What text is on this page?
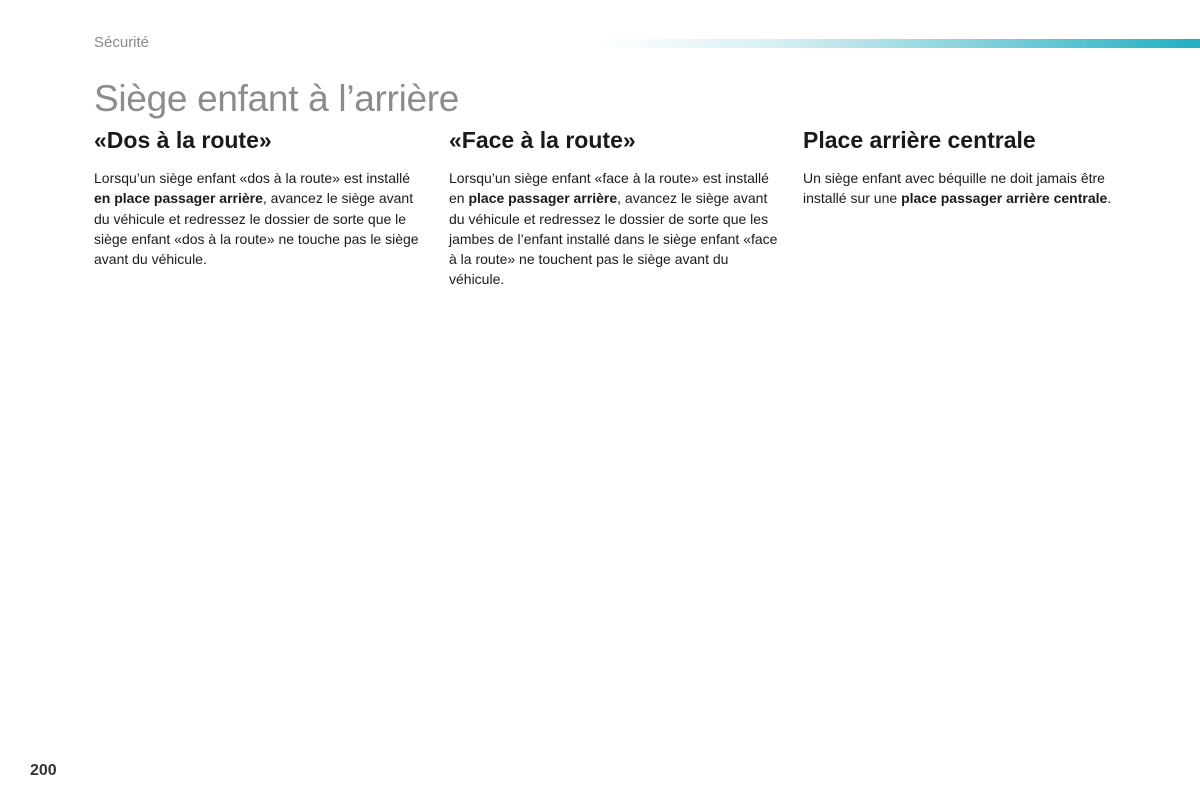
Sécurité
Siège enfant à l’arrière
«Dos à la route»

Lorsqu’un siège enfant «dos à la route» est installé en place passager arrière, avancez le siège avant du véhicule et redressez le dossier de sorte que le siège enfant «dos à la route» ne touche pas le siège avant du véhicule.

«Face à la route»

Lorsqu’un siège enfant «face à la route» est installé en place passager arrière, avancez le siège avant du véhicule et redressez le dossier de sorte que les jambes de l’enfant installé dans le siège enfant «face à la route» ne touchent pas le siège avant du véhicule.

Place arrière centrale

Un siège enfant avec béquille ne doit jamais être installé sur une place passager arrière centrale.

200
